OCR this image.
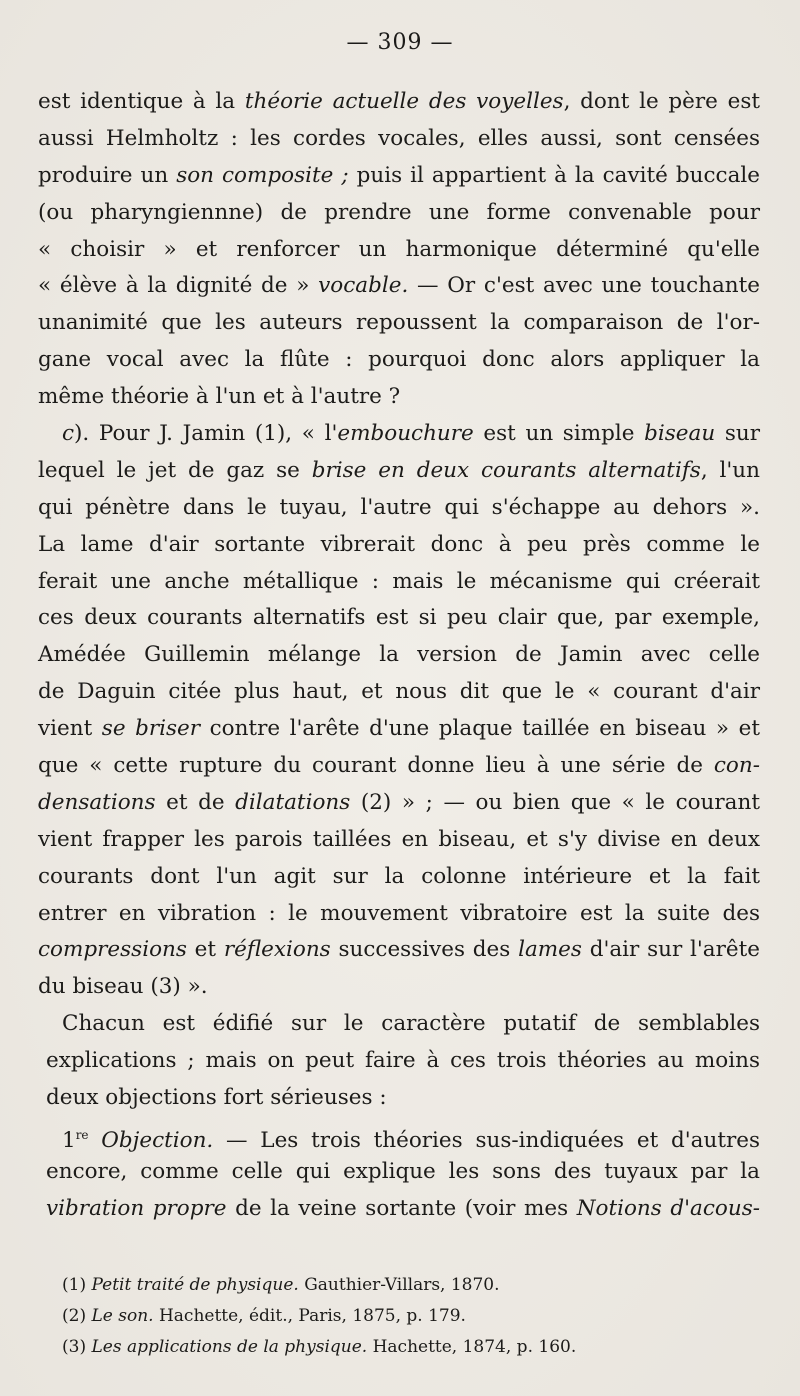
— 309 —
est identique à la théorie actuelle des voyelles, dont le père est
aussi Helmholtz : les cordes vocales, elles aussi, sont censées
produire un son composite ; puis il appartient à la cavité buccale
(ou pharyngiennne) de prendre une forme convenable pour
« choisir » et renforcer un harmonique déterminé qu'elle
« élève à la dignité de » vocable. — Or c'est avec une touchante
unanimité que les auteurs repoussent la comparaison de l'or-
gane vocal avec la flûte : pourquoi donc alors appliquer la
même théorie à l'un et à l'autre ?
c). Pour J. Jamin (1), « l'embouchure est un simple biseau sur
lequel le jet de gaz se brise en deux courants alternatifs, l'un
qui pénètre dans le tuyau, l'autre qui s'échappe au dehors ».
La lame d'air sortante vibrerait donc à peu près comme le
ferait une anche métallique : mais le mécanisme qui créerait
ces deux courants alternatifs est si peu clair que, par exemple,
Amédée Guillemin mélange la version de Jamin avec celle
de Daguin citée plus haut, et nous dit que le « courant d'air
vient se briser contre l'arête d'une plaque taillée en biseau » et
que « cette rupture du courant donne lieu à une série de con-
densations et de dilatations (2) » ; — ou bien que « le courant
vient frapper les parois taillées en biseau, et s'y divise en deux
courants dont l'un agit sur la colonne intérieure et la fait
entrer en vibration : le mouvement vibratoire est la suite des
compressions et réflexions successives des lames d'air sur l'arête
du biseau (3) ».
Chacun est édifié sur le caractère putatif de semblables
explications ; mais on peut faire à ces trois théories au moins
deux objections fort sérieuses :
1re Objection. — Les trois théories sus-indiquées et d'autres
encore, comme celle qui explique les sons des tuyaux par la
vibration propre de la veine sortante (voir mes Notions d'acous-
(1) Petit traité de physique. Gauthier-Villars, 1870.
(2) Le son. Hachette, édit., Paris, 1875, p. 179.
(3) Les applications de la physique. Hachette, 1874, p. 160.
